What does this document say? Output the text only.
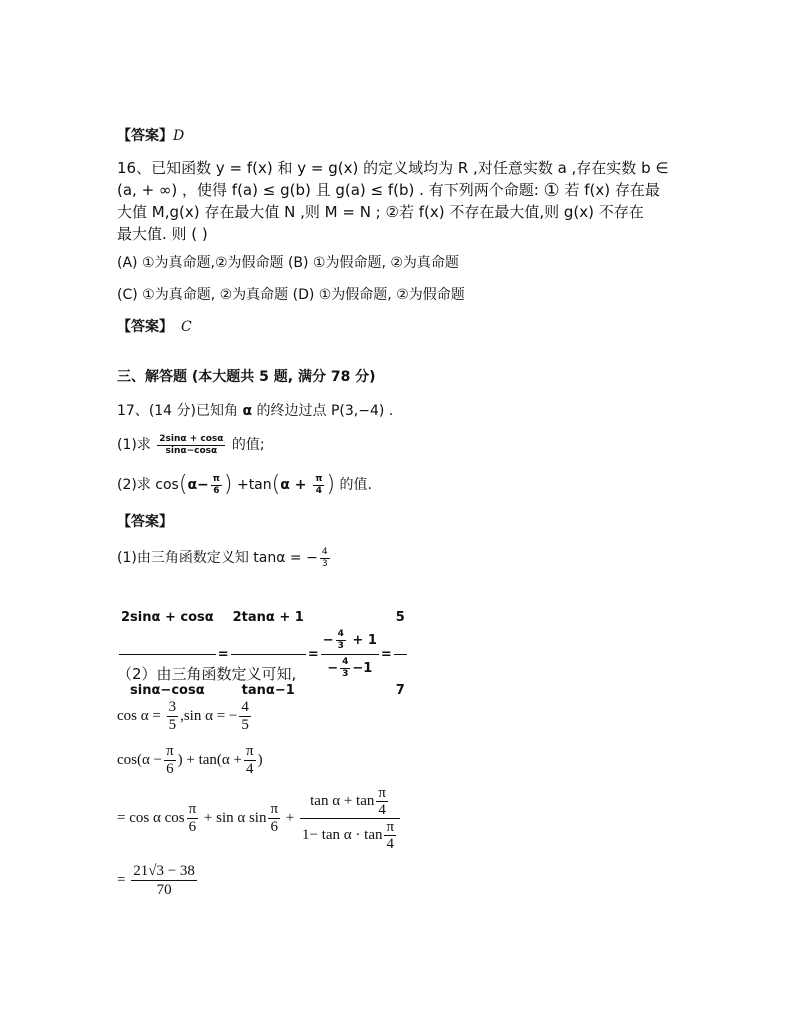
【答案】D
16、已知函数 y = f(x) 和 y = g(x) 的定义域均为 R ,对任意实数 a ,存在实数 b ∈
(a, + ∞) ，使得 f(a) ≤ g(b) 且 g(a) ≤ f(b) . 有下列两个命题: ① 若 f(x) 存在最
大值 M,g(x) 存在最大值 N ,则 M = N ; ②若 f(x) 不存在最大值,则 g(x) 不存在
最大值. 则 ( )
(A) ①为真命题,②为假命题 (B) ①为假命题, ②为真命题
(C) ①为真命题, ②为真命题 (D) ①为假命题, ②为假命题
【答案】 C
三、解答题 (本大题共 5 题, 满分 78 分)
17、(14 分)已知角 α 的终边过点 P(3,−4) .
(1)求 $\frac{2\sin\alpha + \cos\alpha}{\sin\alpha-\cos\alpha}$ 的值;
(2)求 $\cos(\alpha- \frac{\pi}{6}$ ) $+\tan(\alpha + \frac{\pi}{4}$ ) 的值.
【答案】
(1)由三角函数定义知 tanα = − $\frac{4}{3}$
$\frac{2\sin\alpha + \cos\alpha}{\sin\alpha-\cos\alpha} = \frac{2\tan\alpha + 1}{\tan\alpha-1} = \frac{- \frac{4}{3} + 1}{- \frac{4}{3} -1} = \frac{5}{7}$
（2）由三角函数定义可知,
$\cos \alpha = \frac{3}{5} ,\sin$ α = − $\frac{4}{5}$
$\cos(\alpha - \frac{\pi}{6}$ ) + $\tan(\alpha + \frac{\pi}{4}$ )
= cos α $\cos \frac{\pi}{6} + \sin \alpha$ $\sin \frac{\pi}{6} + \frac{\tan \alpha + \tan \frac{\pi}{4}}{1- \tan \alpha \cdot \tan \frac{\pi}{4}}$
= $\frac{21√3 - 38}{70}$
